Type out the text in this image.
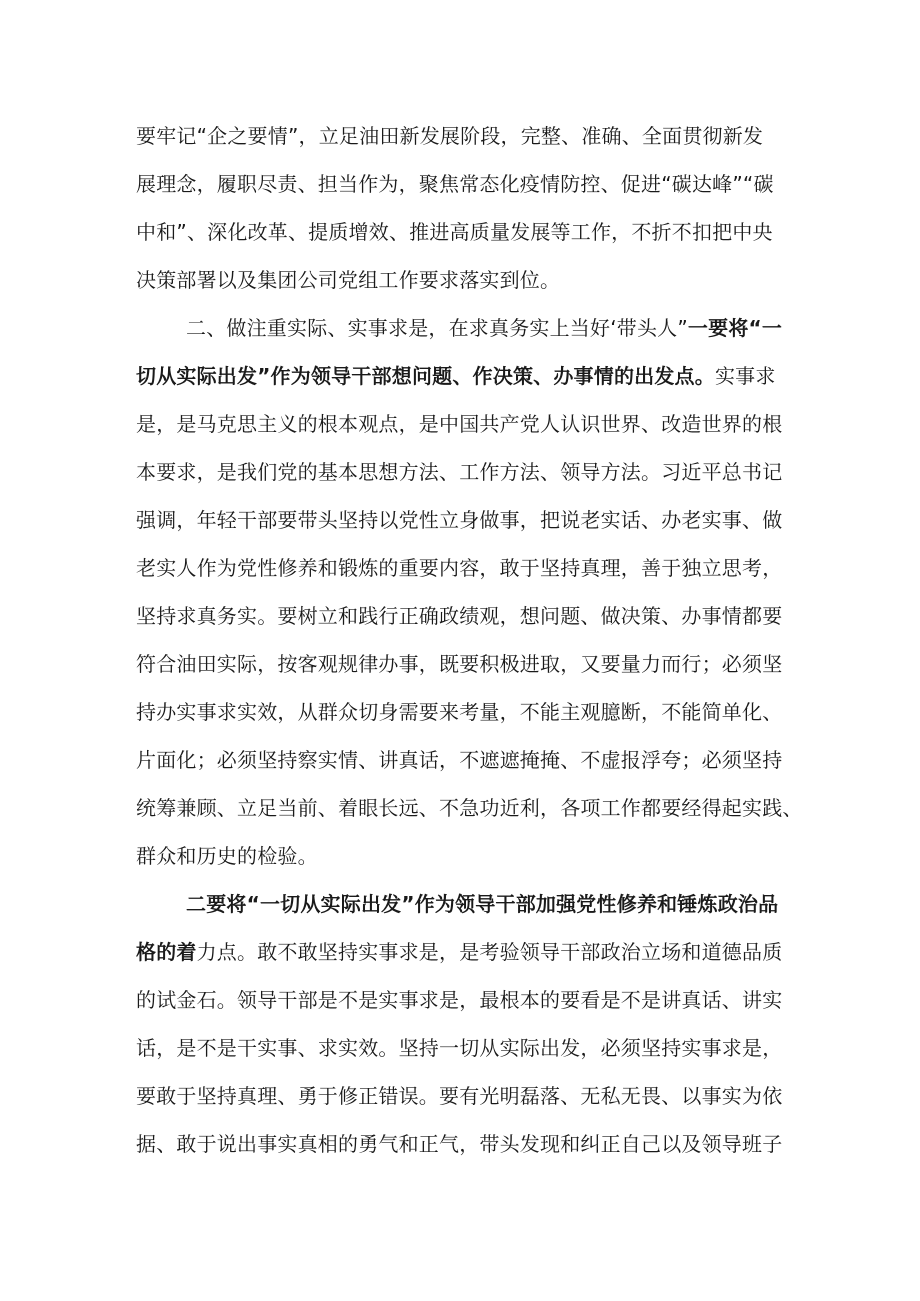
要牢记“企之要情”，立足油田新发展阶段，完整、准确、全面贯彻新发
展理念，履职尽责、担当作为，聚焦常态化疫情防控、促进“碳达峰”“碳
中和”、深化改革、提质增效、推进高质量发展等工作，不折不扣把中央
决策部署以及集团公司党组工作要求落实到位。
二、做注重实际、实事求是，在求真务实上当好‘带头人”一要将“一
切从实际出发”作为领导干部想问题、作决策、办事情的出发点。实事求
是，是马克思主义的根本观点，是中国共产党人认识世界、改造世界的根
本要求，是我们党的基本思想方法、工作方法、领导方法。习近平总书记
强调，年轻干部要带头坚持以党性立身做事，把说老实话、办老实事、做
老实人作为党性修养和锻炼的重要内容，敢于坚持真理，善于独立思考，
坚持求真务实。要树立和践行正确政绩观，想问题、做决策、办事情都要
符合油田实际，按客观规律办事，既要积极进取，又要量力而行；必须坚
持办实事求实效，从群众切身需要来考量，不能主观臆断，不能简单化、
片面化；必须坚持察实情、讲真话，不遮遮掩掩、不虚报浮夸；必须坚持
统筹兼顾、立足当前、着眼长远、不急功近利，各项工作都要经得起实践、
群众和历史的检验。
二要将“一切从实际出发”作为领导干部加强党性修养和锤炼政治品
格的着力点。敢不敢坚持实事求是，是考验领导干部政治立场和道德品质
的试金石。领导干部是不是实事求是，最根本的要看是不是讲真话、讲实
话，是不是干实事、求实效。坚持一切从实际出发，必须坚持实事求是，
要敢于坚持真理、勇于修正错误。要有光明磊落、无私无畏、以事实为依
据、敢于说出事实真相的勇气和正气，带头发现和纠正自己以及领导班子
